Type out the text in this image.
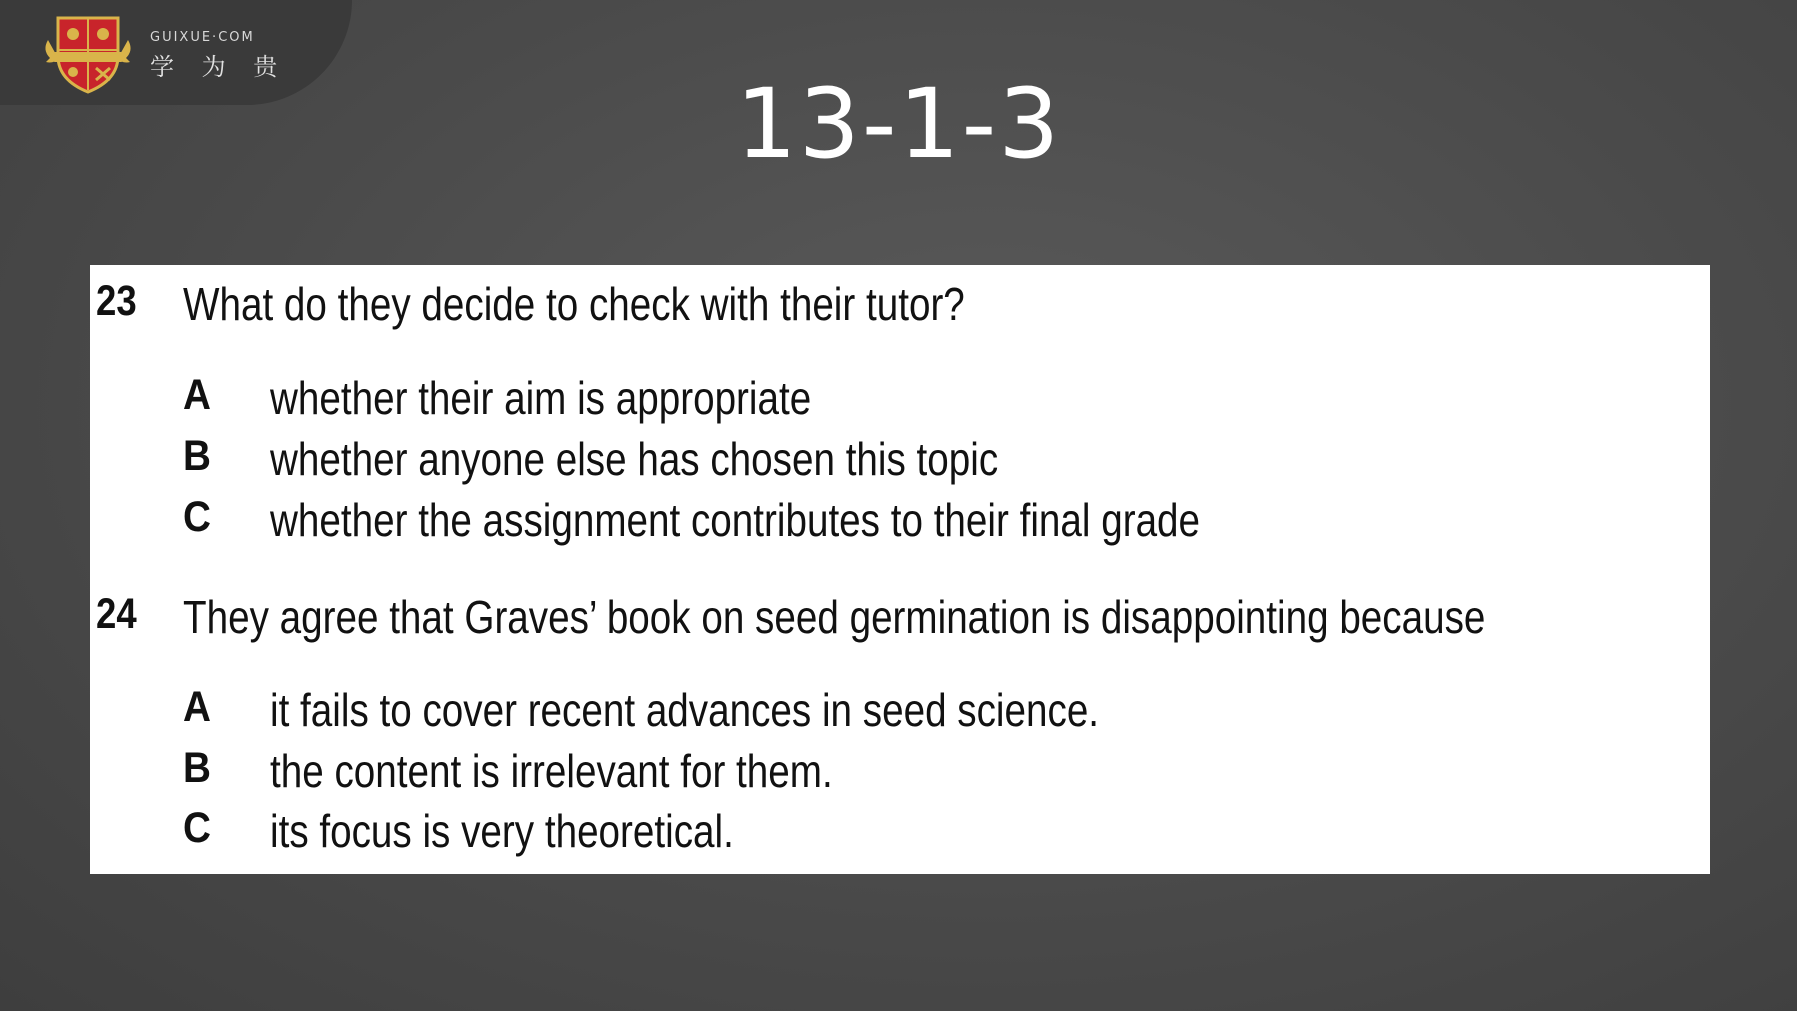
GUIXUE·COM
学 为 贵
13-1-3
23 What do they decide to check with their tutor?
A whether their aim is appropriate
B whether anyone else has chosen this topic
C whether the assignment contributes to their final grade
24 They agree that Graves’ book on seed germination is disappointing because
A it fails to cover recent advances in seed science.
B the content is irrelevant for them.
C its focus is very theoretical.
